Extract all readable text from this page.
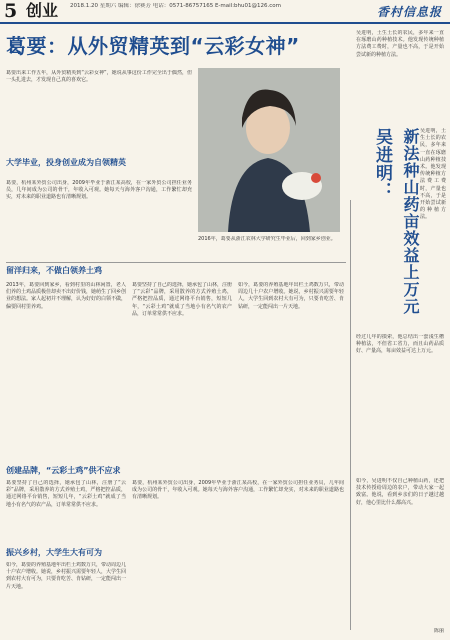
5 创业 2018.1.20 星期六 编辑：徐赛芳 电话：0571-86757165 E-mail:bhu01@126.com	香村信息报
葛要：从外贸精英到“云彩女神”
葛要出来工作五年，从外贸精英到“云彩女神”，她说从事这份工作完全出于偶然，但一头扎进去，才发现自己真的喜欢它。
大学毕业，投身创业成为自领精英
葛要，杭州某外贸公司出身，2009年毕业于浙江某高校，在一家外贸公司担任业务员，几年间成为公司的骨干，年收入可观。她每天与海外客户沟通，工作繁忙却充实，对未来的职业道路也有清晰规划。
2016年，葛要从浙江农林大学研究生毕业后，回到家乡创业。
留洋归来，不做白领养土鸡
2013年，葛要回到家乡，看到村里的山林闲置，老人们养的土鸡品质极佳却卖不出好价钱，她萌生了回乡创业的想法。家人起初并不理解，认为好好的白领不做，偏要回村里养鸡。
葛要坚持了自己的选择，她承包了山林，注册了“云彩”品牌，采用散养的方式养殖土鸡，严格把控品质，通过网络平台销售，短短几年，“云彩土鸡”就成了当地小有名气的农产品，订单常常供不应求。
如今，葛要的养殖基地年出栏土鸡数万只，带动周边几十户农户增收。她说，乡村振兴需要年轻人，大学生回到农村大有可为，只要肯吃苦、肯钻研，一定能闯出一片天地。
创建品牌，“云彩土鸡”供不应求
葛要坚持了自己的选择，她承包了山林，注册了“云彩”品牌，采用散养的方式养殖土鸡，严格把控品质，通过网络平台销售，短短几年，“云彩土鸡”就成了当地小有名气的农产品，订单常常供不应求。
振兴乡村，大学生大有可为
如今，葛要的养殖基地年出栏土鸡数万只，带动周边几十户农户增收。她说，乡村振兴需要年轻人，大学生回到农村大有可为，只要肯吃苦、肯钻研，一定能闯出一片天地。
葛要，杭州某外贸公司出身，2009年毕业于浙江某高校，在一家外贸公司担任业务员，几年间成为公司的骨干，年收入可观。她每天与海外客户沟通，工作繁忙却充实，对未来的职业道路也有清晰规划。
吴进明，土生土长的农民，多年来一直在琢磨山药种植技术。他发现传统种植方法费工费时，产量也不高，于是开始尝试新的种植方法。
吴进明： 新法种山药亩效益上万元 吴进明，土生土长的农民，多年来一直在琢磨山药种植技术。他发现传统种植方法费工费时，产量也不高，于是开始尝试新的种植方法。
经过几年的摸索，他总结出一套浅生槽种植法，不但省工省力，而且山药品质好、产量高，每亩效益可达上万元。
如今，吴进明不仅自己种植山药，还把技术传授给周边的农户，带动大家一起致富。他说，看到乡亲们的日子越过越好，他心里比什么都高兴。
陈丽
